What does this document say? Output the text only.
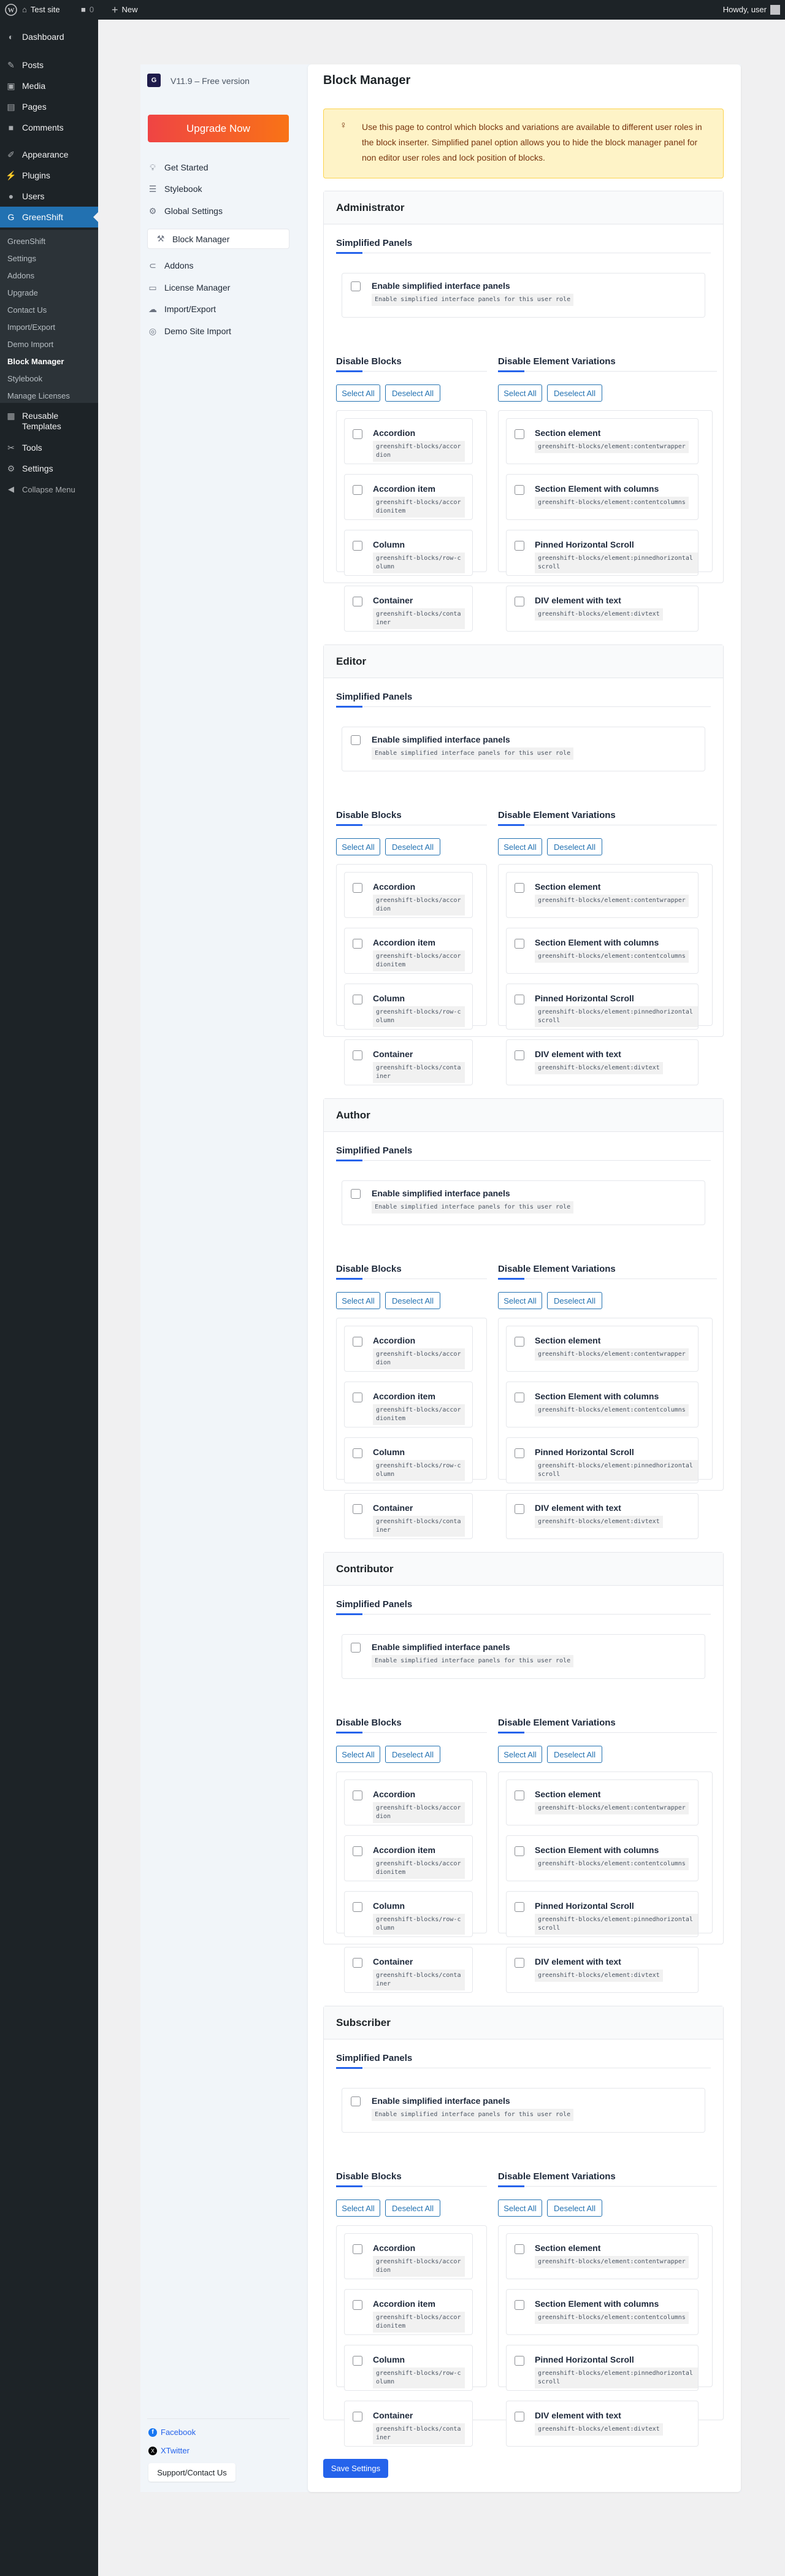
W ⌂ Test site	■ 0 + New	Howdy, user
◐ Dashboard
✎ Posts
▣ Media
▤ Pages
■ Comments
✐ Appearance
⚡ Plugins
● Users
G GreenShift
GreenShift
Settings
Addons
Upgrade
Contact Us
Import/Export
Demo Import
Block Manager
Stylebook
Manage Licenses
▦ Reusable Templates
✂ Tools
⚙ Settings
◀	Collapse Menu
G	V11.9 – Free version
Upgrade Now
💡︎ Get Started
☰ Stylebook
⚙ Global Settings
⚒ Block Manager
⊂ Addons
▭ License Manager
☁ Import/Export
◎ Demo Site Import
f Facebook
X XTwitter
Support/Contact Us
Block Manager
♀ Use this page to control which blocks and variations are available to different user roles in the block inserter. Simplified panel option allows you to hide the block manager panel for non editor user roles and lock position of blocks.
Administrator
Simplified Panels
Enable simplified interface panels
Enable simplified interface panels for this user role
Disable Blocks
Select All	Deselect All
Accordion
greenshift-blocks/accordion
Accordion item
greenshift-blocks/accordionitem
Column
greenshift-blocks/row-column
Container
greenshift-blocks/container
Disable Element Variations
Select All	Deselect All
Section element
greenshift-blocks/element:contentwrapper
Section Element with columns
greenshift-blocks/element:contentcolumns
Pinned Horizontal Scroll
greenshift-blocks/element:pinnedhorizontalscroll
DIV element with text
greenshift-blocks/element:divtext
Editor
Simplified Panels
Enable simplified interface panels
Enable simplified interface panels for this user role
Disable Blocks
Select All	Deselect All
Accordion
greenshift-blocks/accordion
Accordion item
greenshift-blocks/accordionitem
Column
greenshift-blocks/row-column
Container
greenshift-blocks/container
Disable Element Variations
Select All	Deselect All
Section element
greenshift-blocks/element:contentwrapper
Section Element with columns
greenshift-blocks/element:contentcolumns
Pinned Horizontal Scroll
greenshift-blocks/element:pinnedhorizontalscroll
DIV element with text
greenshift-blocks/element:divtext
Author
Simplified Panels
Enable simplified interface panels
Enable simplified interface panels for this user role
Disable Blocks
Select All	Deselect All
Accordion
greenshift-blocks/accordion
Accordion item
greenshift-blocks/accordionitem
Column
greenshift-blocks/row-column
Container
greenshift-blocks/container
Disable Element Variations
Select All	Deselect All
Section element
greenshift-blocks/element:contentwrapper
Section Element with columns
greenshift-blocks/element:contentcolumns
Pinned Horizontal Scroll
greenshift-blocks/element:pinnedhorizontalscroll
DIV element with text
greenshift-blocks/element:divtext
Contributor
Simplified Panels
Enable simplified interface panels
Enable simplified interface panels for this user role
Disable Blocks
Select All	Deselect All
Accordion
greenshift-blocks/accordion
Accordion item
greenshift-blocks/accordionitem
Column
greenshift-blocks/row-column
Container
greenshift-blocks/container
Disable Element Variations
Select All	Deselect All
Section element
greenshift-blocks/element:contentwrapper
Section Element with columns
greenshift-blocks/element:contentcolumns
Pinned Horizontal Scroll
greenshift-blocks/element:pinnedhorizontalscroll
DIV element with text
greenshift-blocks/element:divtext
Subscriber
Simplified Panels
Enable simplified interface panels
Enable simplified interface panels for this user role
Disable Blocks
Select All	Deselect All
Accordion
greenshift-blocks/accordion
Accordion item
greenshift-blocks/accordionitem
Column
greenshift-blocks/row-column
Container
greenshift-blocks/container
Disable Element Variations
Select All	Deselect All
Section element
greenshift-blocks/element:contentwrapper
Section Element with columns
greenshift-blocks/element:contentcolumns
Pinned Horizontal Scroll
greenshift-blocks/element:pinnedhorizontalscroll
DIV element with text
greenshift-blocks/element:divtext
Save Settings
